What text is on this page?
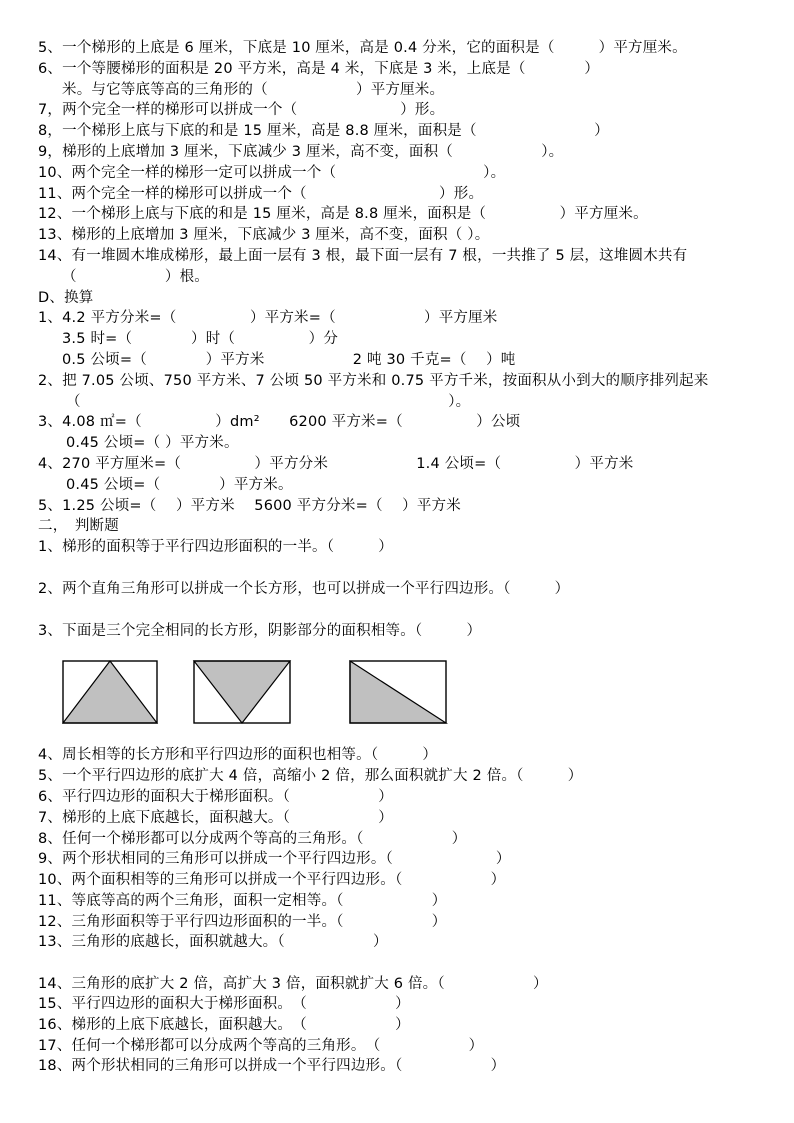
5、一个梯形的上底是 6 厘米，下底是 10 厘米，高是 0.4 分米，它的面积是（　　　）平方厘米。
6、一个等腰梯形的面积是 20 平方米，高是 4 米，下底是 3 米，上底是（　　　　）
米。与它等底等高的三角形的（　　　　　　）平方厘米。
7，两个完全一样的梯形可以拼成一个（　　　　　　　）形。
8，一个梯形上底与下底的和是 15 厘米，高是 8.8 厘米，面积是（　　　　　　　　）
9，梯形的上底增加 3 厘米，下底减少 3 厘米，高不变，面积（　　　　　　）。
10、两个完全一样的梯形一定可以拼成一个（　　　　　　　　　　）。
11、两个完全一样的梯形可以拼成一个（　　　　　　　　　）形。
12、一个梯形上底与下底的和是 15 厘米，高是 8.8 厘米，面积是（　　　　　）平方厘米。
13、梯形的上底增加 3 厘米，下底减少 3 厘米，高不变，面积（ ）。
14、有一堆圆木堆成梯形，最上面一层有 3 根，最下面一层有 7 根，一共推了 5 层，这堆圆木共有
（　　　　　　）根。
D、换算
1、4.2 平方分米=（　　　　　）平方米=（　　　　　　）平方厘米
3.5 时=（　　　　）时（　　　　　）分
0.5 公顷=（　　　　）平方米　　　　　　2 吨 30 千克=（　 ）吨
2、把 7.05 公顷、750 平方米、7 公顷 50 平方米和 0.75 平方千米，按面积从小到大的顺序排列起来
（　　　　　　　　　　　　　　　　　　　　　　　　　）。
3、4.08 ㎡=（　　　　　）dm²　　6200 平方米=（　　　　　）公顷
0.45 公顷=（ ）平方米。
4、270 平方厘米=（　　　　　）平方分米　　　　　　1.4 公顷=（　　　　　）平方米
0.45 公顷=（　　　　）平方米。
5、1.25 公顷=（　 ）平方米　 5600 平方分米=（　 ）平方米
二，　判断题
1、梯形的面积等于平行四边形面积的一半。（　　　）
2、两个直角三角形可以拼成一个长方形，也可以拼成一个平行四边形。（　　　）
3、下面是三个完全相同的长方形，阴影部分的面积相等。（　　　）
4、周长相等的长方形和平行四边形的面积也相等。（　　　）
5、一个平行四边形的底扩大 4 倍，高缩小 2 倍，那么面积就扩大 2 倍。（　　　）
6、平行四边形的面积大于梯形面积。（　　　　　　）
7、梯形的上底下底越长，面积越大。（　　　　　　）
8、任何一个梯形都可以分成两个等高的三角形。（　　　　　　）
9、两个形状相同的三角形可以拼成一个平行四边形。（　　　　　　　）
10、两个面积相等的三角形可以拼成一个平行四边形。（　　　　　　）
11、等底等高的两个三角形，面积一定相等。（　　　　　　）
12、三角形面积等于平行四边形面积的一半。（　　　　　　）
13、三角形的底越长，面积就越大。（　　　　　　）
14、三角形的底扩大 2 倍，高扩大 3 倍，面积就扩大 6 倍。（　　　　　　）
15、平行四边形的面积大于梯形面积。　（　　　　　　）
16、梯形的上底下底越长，面积越大。　（　　　　　　）
17、任何一个梯形都可以分成两个等高的三角形。　（　　　　　　）
18、两个形状相同的三角形可以拼成一个平行四边形。（　　　　　　）
